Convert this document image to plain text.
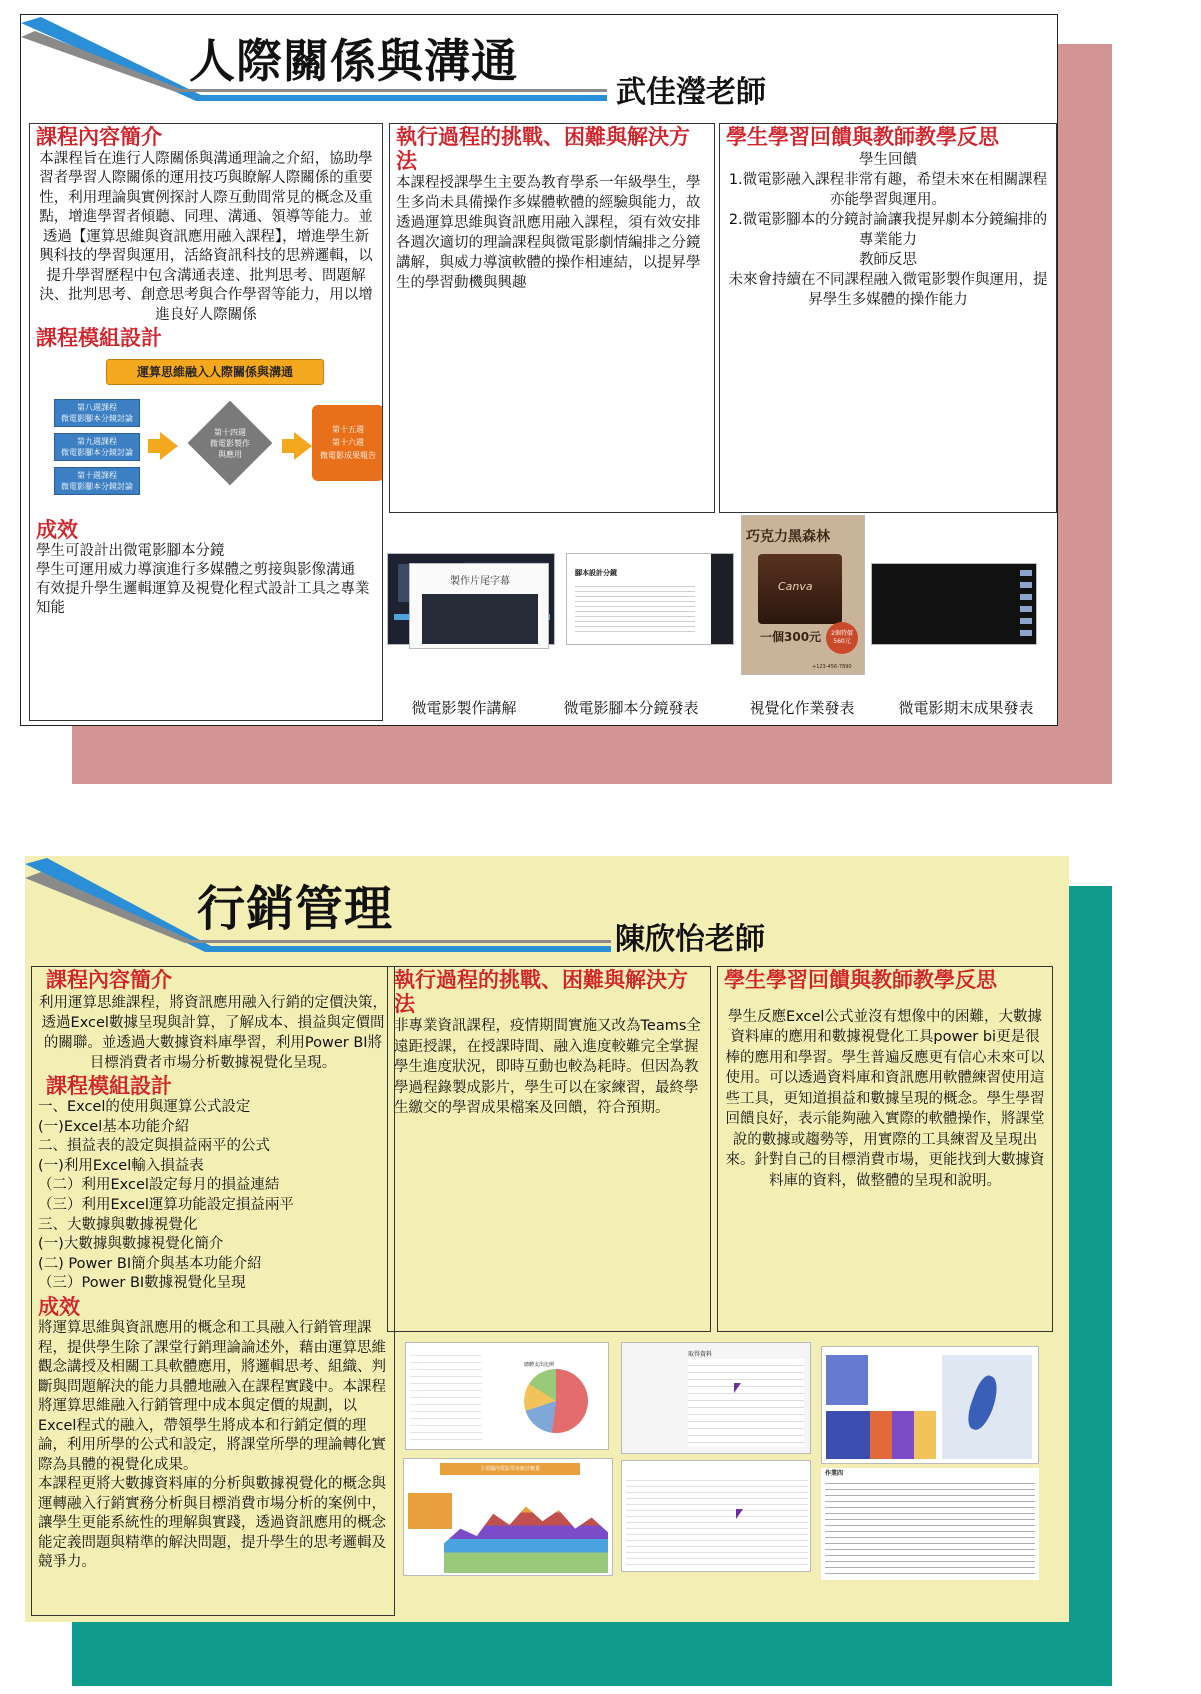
人際關係與溝通
武佳瀅老師
課程內容簡介
本課程旨在進行人際關係與溝通理論之介紹，協助學習者學習人際關係的運用技巧與瞭解人際關係的重要性，利用理論與實例探討人際互動間常見的概念及重點，增進學習者傾聽、同理、溝通、領導等能力。並透過【運算思維與資訊應用融入課程】，增進學生新興科技的學習與運用，活絡資訊科技的思辨邏輯，以提升學習歷程中包含溝通表達、批判思考、問題解決、批判思考、創意思考與合作學習等能力，用以增進良好人際關係
課程模組設計
運算思維融入人際關係與溝通
第八週課程
微電影腳本分鏡討論
第九週課程
微電影腳本分鏡討論
第十週課程
微電影腳本分鏡討論
第十四週
微電影製作
與應用
第十五週
第十六週
微電影成果報告
成效
學生可設計出微電影腳本分鏡
學生可運用威力導演進行多媒體之剪接與影像溝通
有效提升學生邏輯運算及視覺化程式設計工具之專業知能
執行過程的挑戰、困難與解決方法
本課程授課學生主要為教育學系一年級學生，學生多尚未具備操作多媒體軟體的經驗與能力，故透過運算思維與資訊應用融入課程，須有效安排各週次適切的理論課程與微電影劇情編排之分鏡講解，與威力導演軟體的操作相連結，以提昇學生的學習動機與興趣
學生學習回饋與教師教學反思
學生回饋
1.微電影融入課程非常有趣，希望未來在相關課程亦能學習與運用。
2.微電影腳本的分鏡討論讓我提昇劇本分鏡編排的專業能力
教師反思
未來會持續在不同課程融入微電影製作與運用，提昇學生多媒體的操作能力
製作片尾字幕
腳本設計分鏡
巧克力黑森林
Canva
一個300元 2個特價
560元
+123-456-7890
微電影製作講解	微電影腳本分鏡發表	視覺化作業發表	微電影期末成果發表
行銷管理
陳欣怡老師
課程內容簡介
利用運算思維課程，將資訊應用融入行銷的定價決策，透過Excel數據呈現與計算，了解成本、損益與定價間的關聯。並透過大數據資料庫學習，利用Power BI將目標消費者市場分析數據視覺化呈現。
課程模組設計
一、Excel的使用與運算公式設定
(一)Excel基本功能介紹
二、損益表的設定與損益兩平的公式
(一)利用Excel輸入損益表
（二）利用Excel設定每月的損益連結
（三）利用Excel運算功能設定損益兩平
三、大數據與數據視覺化
(一)大數據與數據視覺化簡介
(二) Power BI簡介與基本功能介紹
（三）Power BI數據視覺化呈現
成效
將運算思維與資訊應用的概念和工具融入行銷管理課程，提供學生除了課堂行銷理論論述外，藉由運算思維觀念講授及相關工具軟體應用，將邏輯思考、組織、判斷與問題解決的能力具體地融入在課程實踐中。本課程將運算思維融入行銷管理中成本與定價的規劃，以Excel程式的融入，帶領學生將成本和行銷定價的理論，利用所學的公式和設定，將課堂所學的理論轉化實際為具體的視覺化成果。
本課程更將大數據資料庫的分析與數據視覺化的概念與運轉融入行銷實務分析與目標消費市場分析的案例中，讓學生更能系統性的理解與實踐，透過資訊應用的概念能定義問題與精準的解決問題，提升學生的思考邏輯及競爭力。
執行過程的挑戰、困難與解決方法
非專業資訊課程，疫情期間實施又改為Teams全遠距授課，在授課時間、融入進度較難完全掌握學生進度狀況，即時互動也較為耗時。但因為教學過程錄製成影片，學生可以在家練習，最終學生繳交的學習成果檔案及回饋，符合預期。
學生學習回饋與教師教學反思
學生反應Excel公式並沒有想像中的困難，大數據資料庫的應用和數據視覺化工具power bi更是很棒的應用和學習。學生普遍反應更有信心未來可以使用。可以透過資料庫和資訊應用軟體練習使用這些工具，更知道損益和數據呈現的概念。學生學習回饋良好，表示能夠融入實際的軟體操作，將課堂說的數據或趨勢等，用實際的工具練習及呈現出來。針對自己的目標消費市場，更能找到大數據資料庫的資料，做整體的呈現和說明。
總體支出比例
取得資料
主要國內電影票房統計數量
作業四
